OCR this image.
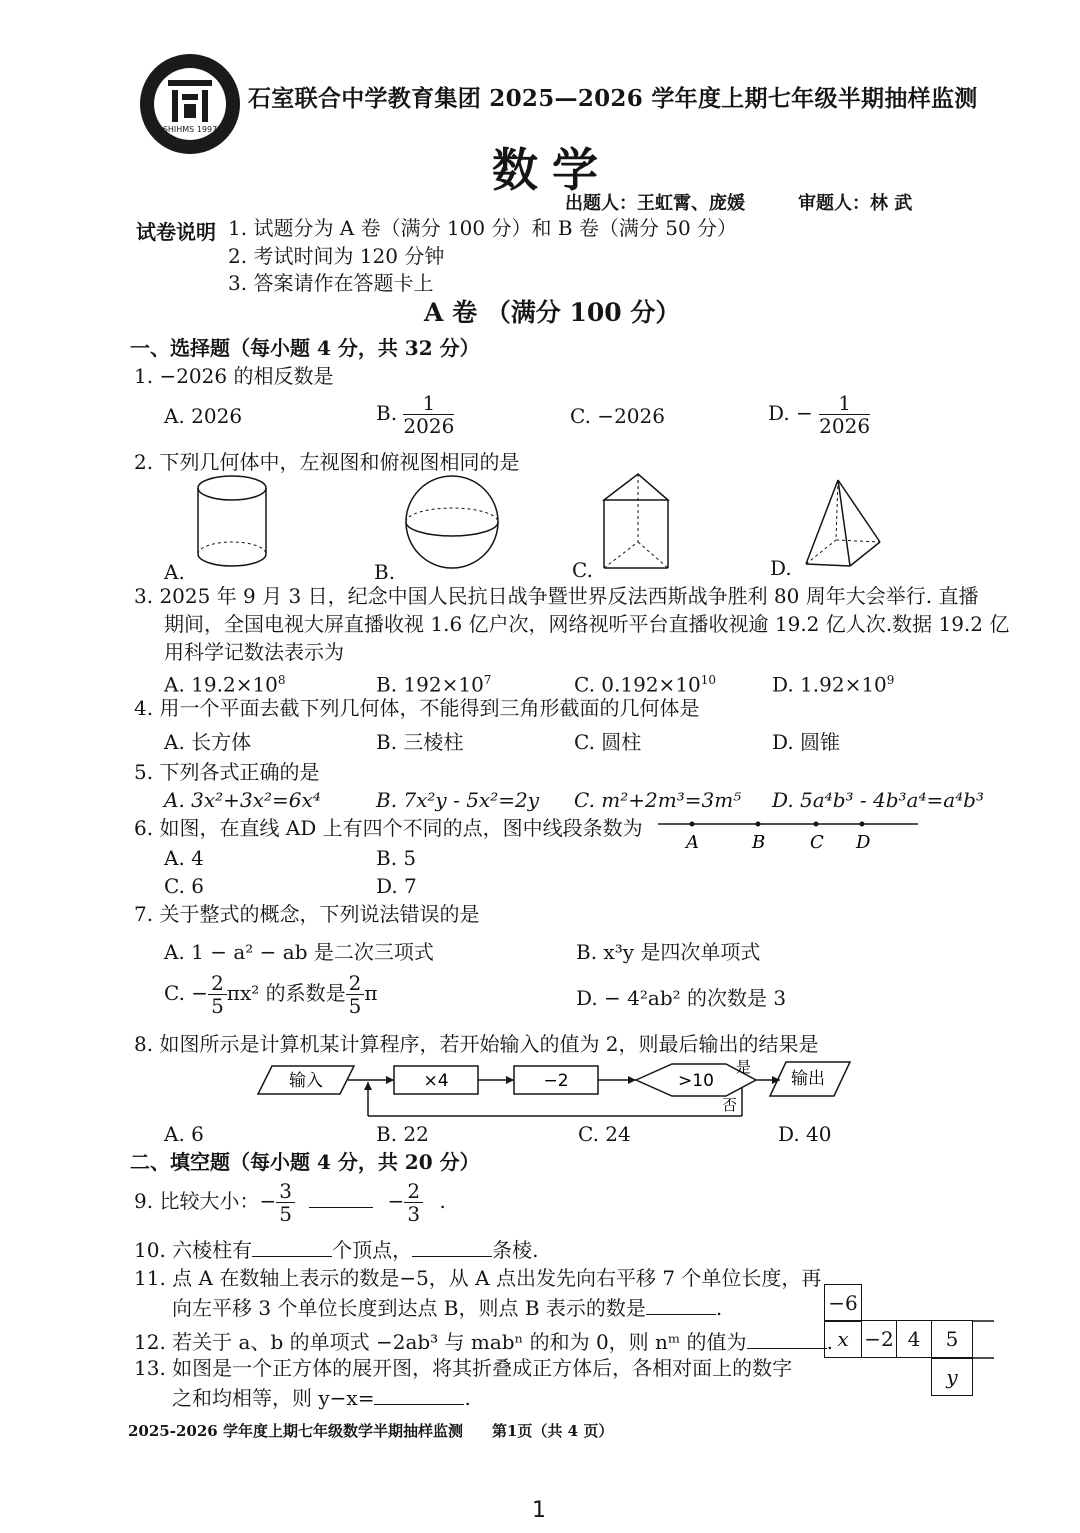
SHIHMS 1997
石室联合中学教育集团 2025—2026 学年度上期七年级半期抽样监测
数学
出题人：王虹霄、庞媛	审题人：林 武
试卷说明 1. 试题分为 A 卷（满分 100 分）和 B 卷（满分 50 分）
2. 考试时间为 120 分钟
3. 答案请作在答题卡上
A 卷 （满分 100 分）
一、选择题（每小题 4 分，共 32 分）
1. −2026 的相反数是
A. 2026	B. $\frac{1}{2026}$	C. −2026	D. − $\frac{1}{2026}$
2. 下列几何体中，左视图和俯视图相同的是
A.	B.	C.	D.
3. 2025 年 9 月 3 日，纪念中国人民抗日战争暨世界反法西斯战争胜利 80 周年大会举行. 直播
期间，全国电视大屏直播收视 1.6 亿户次，网络视听平台直播收视逾 19.2 亿人次.数据 19.2 亿
用科学记数法表示为
A. $19.2\times 10^8$	B. $192\times 10^7$	C. $0.192\times 10^{10}$	D. $1.92\times 10^9$
4. 用一个平面去截下列几何体，不能得到三角形截面的几何体是
A. 长方体	B. 三棱柱	C. 圆柱	D. 圆锥
5. 下列各式正确的是
A. 3x²+3x²=6x⁴	B. 7x²y - 5x²=2y C. m²+2m³=3m⁵ D. 5a⁴b³ - 4b³a⁴=a⁴b³
6. 如图，在直线 AD 上有四个不同的点，图中线段条数为
A. 4	B. 5
C. 6	D. 7
A	B C D
7. 关于整式的概念，下列说法错误的是
A. 1 − a² − ab 是二次三项式	B. x³y 是四次单项式
C. − $\frac{2}{5} \pi x^2$ 的系数是 $\frac{2}{5}$ π	D. − 4²ab² 的次数是 3
8. 如图所示是计算机某计算程序，若开始输入的值为 2，则最后输出的结果是
输入	×4	−2	>10
是
否
输出
A. 6	B. 22	C. 24	D. 40
二、填空题（每小题 4 分，共 20 分）
9. 比较大小：− $\frac{3}{5}$	− $\frac{2}{3}$ .
10. 六棱柱有	个顶点，	条棱.
11. 点 A 在数轴上表示的数是−5，从 A 点出发先向右平移 7 个单位长度，再
向左平移 3 个单位长度到达点 B，则点 B 表示的数是	.
12. 若关于 a、b 的单项式 −2ab³ 与 mabⁿ 的和为 0，则 nᵐ 的值为	.
13. 如图是一个正方体的展开图，将其折叠成正方体后，各相对面上的数字
之和均相等，则 y−x=	.
−6
x −2 4	5
y
2025-2026 学年度上期七年级数学半期抽样监测 第1页（共 4 页）
1
